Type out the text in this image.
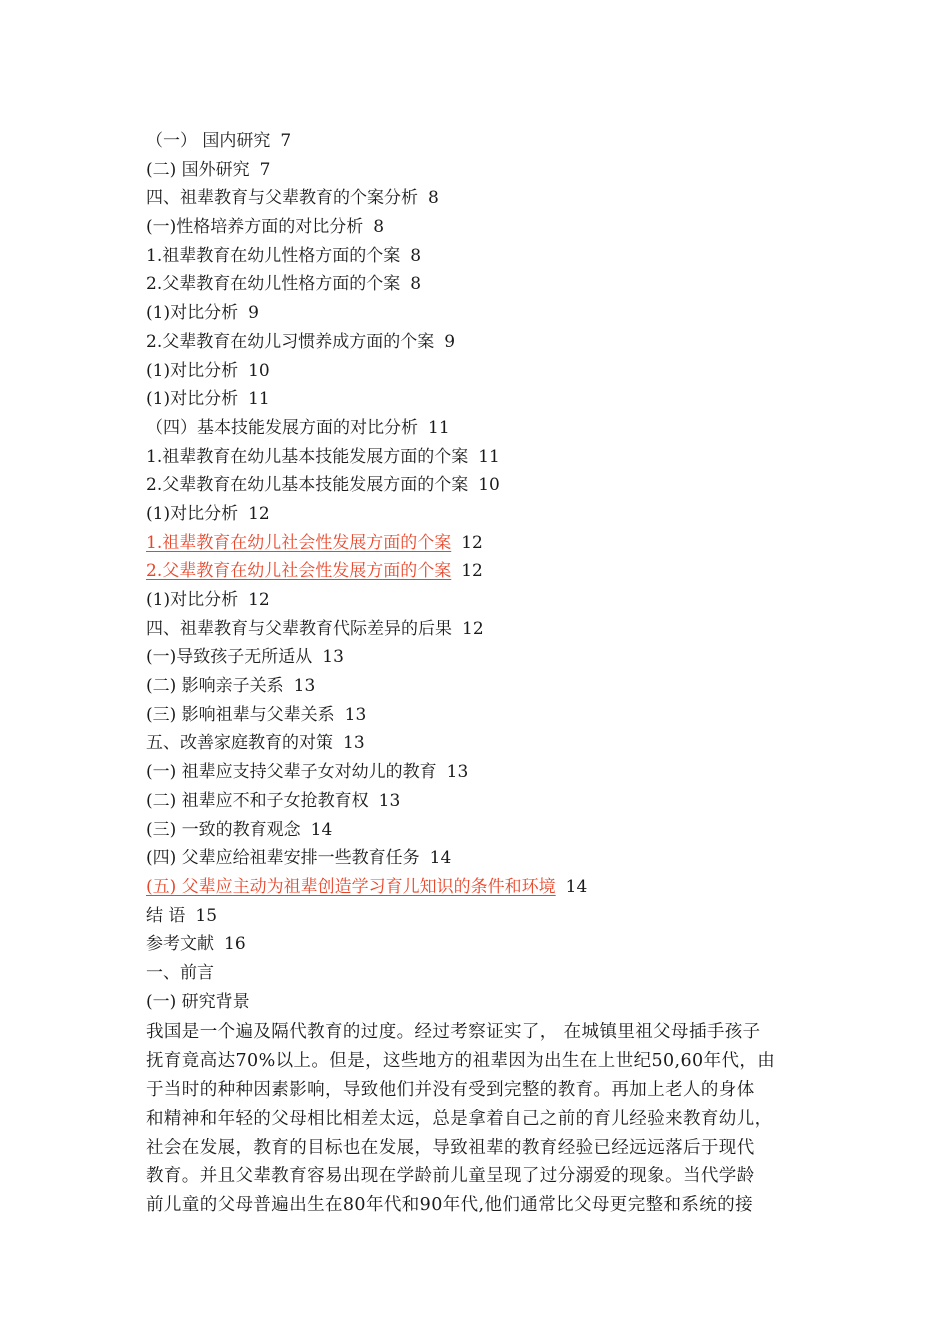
（一） 国内研究 7
(二) 国外研究 7
四、祖辈教育与父辈教育的个案分析 8
(一)性格培养方面的对比分析 8
1.祖辈教育在幼儿性格方面的个案 8
2.父辈教育在幼儿性格方面的个案 8
(1)对比分析 9
2.父辈教育在幼儿习惯养成方面的个案 9
(1)对比分析 10
(1)对比分析 11
（四）基本技能发展方面的对比分析 11
1.祖辈教育在幼儿基本技能发展方面的个案 11
2.父辈教育在幼儿基本技能发展方面的个案 10
(1)对比分析 12
1.祖辈教育在幼儿社会性发展方面的个案 12
2.父辈教育在幼儿社会性发展方面的个案 12
(1)对比分析 12
四、祖辈教育与父辈教育代际差异的后果 12
(一)导致孩子无所适从 13
(二) 影响亲子关系 13
(三) 影响祖辈与父辈关系 13
五、改善家庭教育的对策 13
(一) 祖辈应支持父辈子女对幼儿的教育 13
(二) 祖辈应不和子女抢教育权 13
(三) 一致的教育观念 14
(四) 父辈应给祖辈安排一些教育任务 14
(五) 父辈应主动为祖辈创造学习育儿知识的条件和环境 14
结 语 15
参考文献 16
一、前言
(一) 研究背景
我国是一个遍及隔代教育的过度。经过考察证实了， 在城镇里祖父母插手孩子
抚育竟高达70%以上。但是，这些地方的祖辈因为出生在上世纪50,60年代，由
于当时的种种因素影响，导致他们并没有受到完整的教育。再加上老人的身体
和精神和年轻的父母相比相差太远，总是拿着自己之前的育儿经验来教育幼儿，
社会在发展，教育的目标也在发展，导致祖辈的教育经验已经远远落后于现代
教育。并且父辈教育容易出现在学龄前儿童呈现了过分溺爱的现象。当代学龄
前儿童的父母普遍出生在80年代和90年代,他们通常比父母更完整和系统的接
